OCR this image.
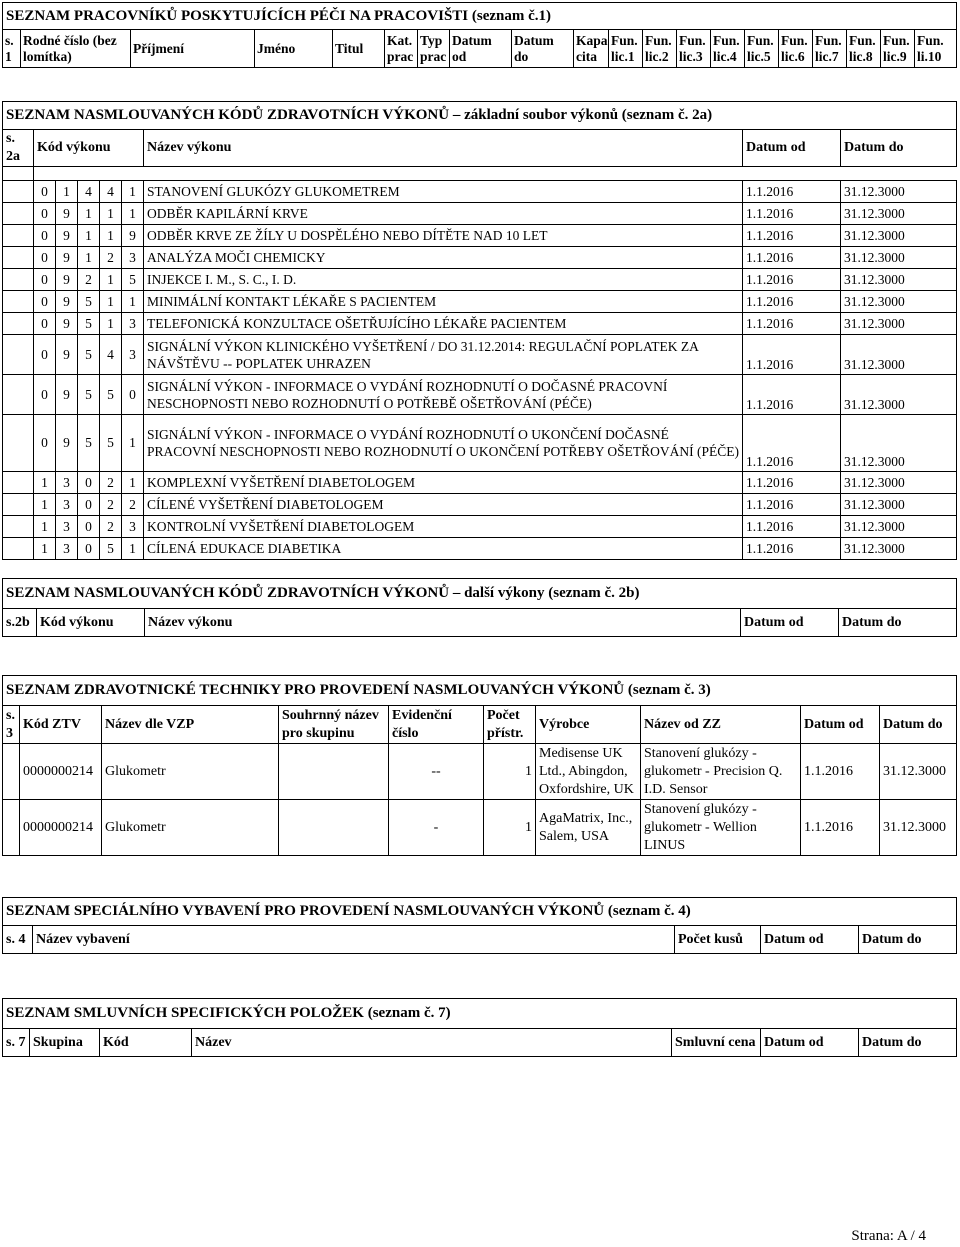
SEZNAM PRACOVNÍKŮ POSKYTUJÍCÍCH PÉČI NA PRACOVIŠTI (seznam č.1)
s. 1	Rodné číslo (bez lomítka)	Příjmení	Jméno	Titul	Kat. prac	Typ prac	Datum od	Datum do	Kapa cita	Fun. lic.1	Fun. lic.2	Fun. lic.3	Fun. lic.4	Fun. lic.5	Fun. lic.6	Fun. lic.7	Fun. lic.8	Fun. lic.9	Fun. li.10
SEZNAM NASMLOUVANÝCH KÓDŮ ZDRAVOTNÍCH VÝKONŮ – základní soubor výkonů (seznam č. 2a)								
s. 2a	Kód výkonu					Název výkonu	Datum od	Datum do

	0	1	4	4	1	STANOVENÍ GLUKÓZY GLUKOMETREM	1.1.2016	31.12.3000
	0	9	1	1	1	ODBĚR KAPILÁRNÍ KRVE	1.1.2016	31.12.3000
	0	9	1	1	9	ODBĚR KRVE ZE ŽÍLY U DOSPĚLÉHO NEBO DÍTĚTE NAD 10 LET	1.1.2016	31.12.3000
	0	9	1	2	3	ANALÝZA MOČI CHEMICKY	1.1.2016	31.12.3000
	0	9	2	1	5	INJEKCE I. M., S. C., I. D.	1.1.2016	31.12.3000
	0	9	5	1	1	MINIMÁLNÍ KONTAKT LÉKAŘE S PACIENTEM	1.1.2016	31.12.3000
	0	9	5	1	3	TELEFONICKÁ KONZULTACE OŠETŘUJÍCÍHO LÉKAŘE PACIENTEM	1.1.2016	31.12.3000
	0	9	5	4	3	SIGNÁLNÍ VÝKON KLINICKÉHO VYŠETŘENÍ / DO 31.12.2014: REGULAČNÍ POPLATEK ZA NÁVŠTĚVU -- POPLATEK UHRAZEN	1.1.2016	31.12.3000
	0	9	5	5	0	SIGNÁLNÍ VÝKON - INFORMACE O VYDÁNÍ ROZHODNUTÍ O DOČASNÉ PRACOVNÍ NESCHOPNOSTI NEBO ROZHODNUTÍ O POTŘEBĚ OŠETŘOVÁNÍ (PÉČE)	1.1.2016	31.12.3000
	0	9	5	5	1	SIGNÁLNÍ VÝKON - INFORMACE O VYDÁNÍ ROZHODNUTÍ O UKONČENÍ DOČASNÉ PRACOVNÍ NESCHOPNOSTI NEBO ROZHODNUTÍ O UKONČENÍ POTŘEBY OŠETŘOVÁNÍ (PÉČE)	1.1.2016	31.12.3000
	1	3	0	2	1	KOMPLEXNÍ VYŠETŘENÍ DIABETOLOGEM	1.1.2016	31.12.3000
	1	3	0	2	2	CÍLENÉ VYŠETŘENÍ DIABETOLOGEM	1.1.2016	31.12.3000
	1	3	0	2	3	KONTROLNÍ VYŠETŘENÍ DIABETOLOGEM	1.1.2016	31.12.3000
	1	3	0	5	1	CÍLENÁ EDUKACE DIABETIKA	1.1.2016	31.12.3000
SEZNAM NASMLOUVANÝCH KÓDŮ ZDRAVOTNÍCH VÝKONŮ – další výkony (seznam č. 2b)
s.2b	Kód výkonu	Název výkonu	Datum od	Datum do
SEZNAM ZDRAVOTNICKÉ TECHNIKY PRO PROVEDENÍ NASMLOUVANÝCH VÝKONŮ (seznam č. 3)									
s. 3	Kód ZTV	Název dle VZP	Souhrnný název pro skupinu	Evidenční číslo	Počet přístr.	Výrobce	Název od ZZ	Datum od	Datum do
	0000000214	Glukometr		--	1	Medisense UK Ltd., Abingdon, Oxfordshire, UK	Stanovení glukózy - glukometr - Precision Q. I.D. Sensor	1.1.2016	31.12.3000
	0000000214	Glukometr		-	1	AgaMatrix, Inc., Salem, USA	Stanovení glukózy - glukometr - Wellion LINUS	1.1.2016	31.12.3000
SEZNAM SPECIÁLNÍHO VYBAVENÍ PRO PROVEDENÍ NASMLOUVANÝCH VÝKONŮ (seznam č. 4)
s. 4	Název vybavení	Počet kusů	Datum od	Datum do
SEZNAM SMLUVNÍCH SPECIFICKÝCH POLOŽEK (seznam č. 7)
s. 7	Skupina	Kód	Název	Smluvní cena	Datum od	Datum do
Strana: A / 4
